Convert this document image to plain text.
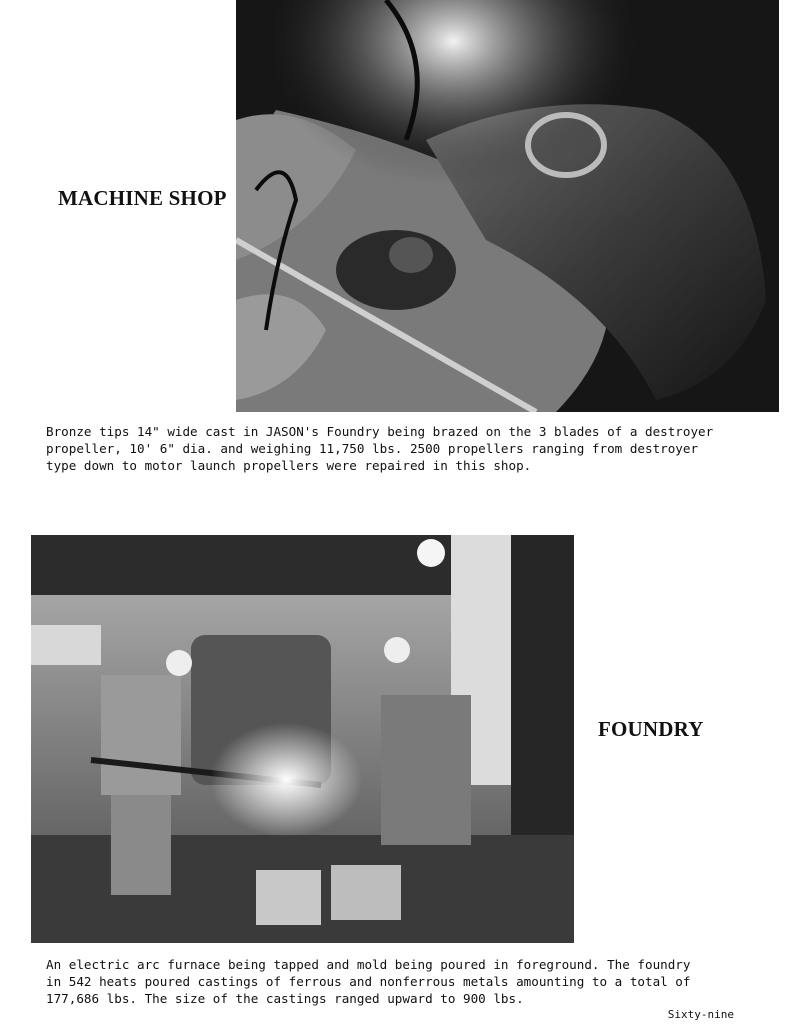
MACHINE SHOP
Bronze tips 14" wide cast in JASON's Foundry being brazed on the 3 blades of a destroyer
propeller, 10' 6" dia. and weighing 11,750 lbs. 2500 propellers ranging from destroyer
type down to motor launch propellers were repaired in this shop.
FOUNDRY
An electric arc furnace being tapped and mold being poured in foreground. The foundry
in 542 heats poured castings of ferrous and nonferrous metals amounting to a total of
177,686 lbs. The size of the castings ranged upward to 900 lbs.
Sixty-nine
